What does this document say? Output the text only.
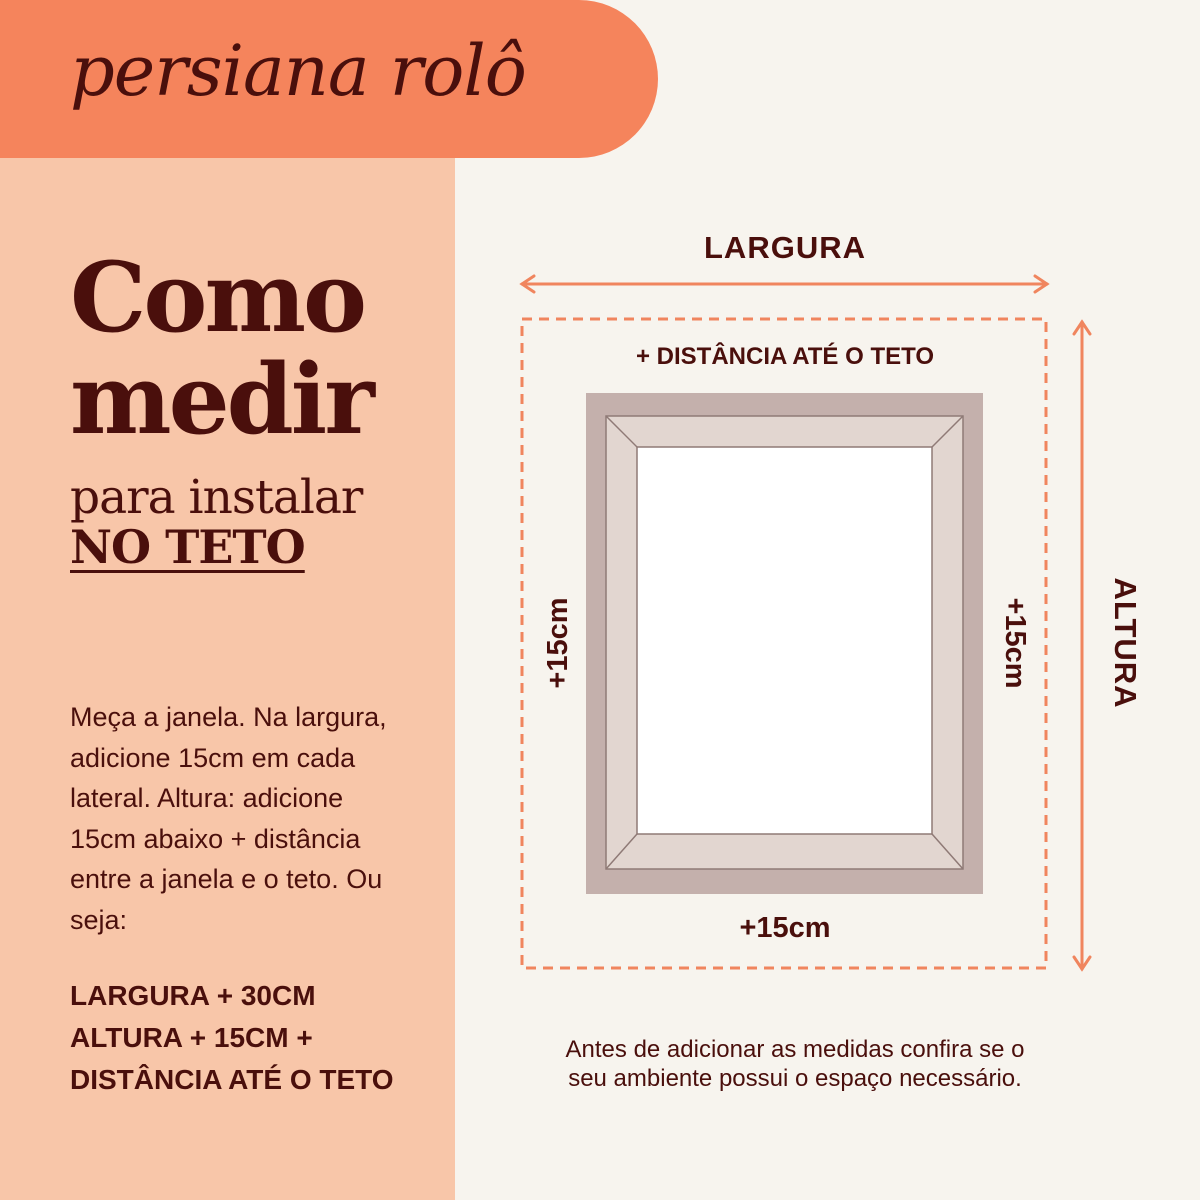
persiana rolô
Como
medir
para instalar
NO TETO
Meça a janela. Na largura, adicione 15cm em cada lateral. Altura: adicione 15cm abaixo + distância entre a janela e o teto. Ou seja:
LARGURA + 30CM
ALTURA + 15CM +
DISTÂNCIA ATÉ O TETO
LARGURA
+ DISTÂNCIA ATÉ O TETO
+15cm
+15cm	+15cm ALTURA
Antes de adicionar as medidas confira se o
seu ambiente possui o espaço necessário.
